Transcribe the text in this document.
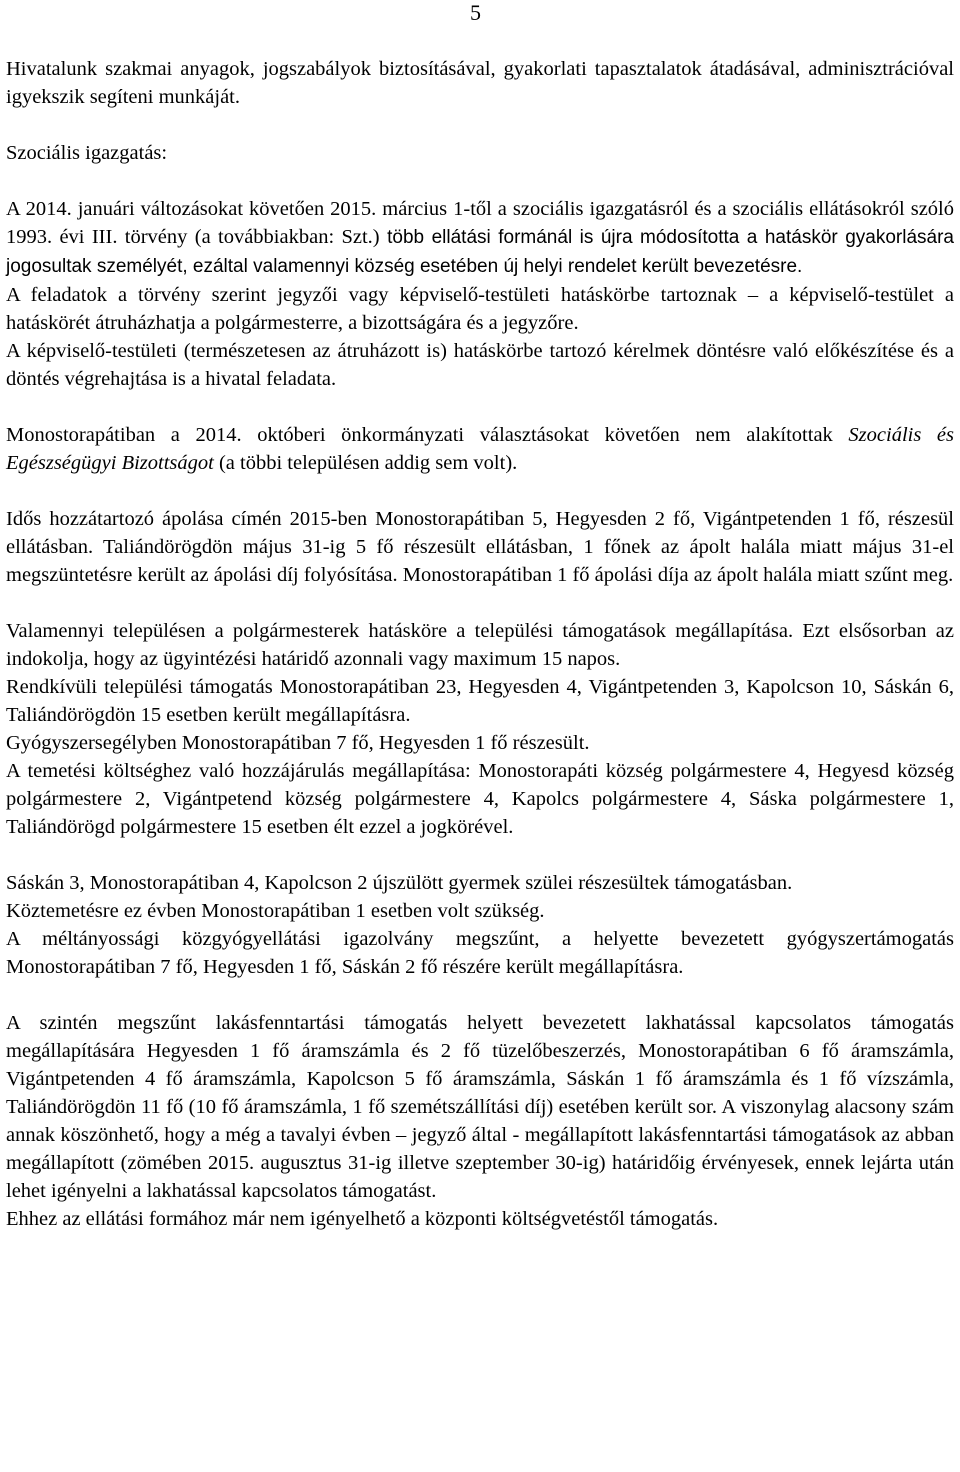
5

Hivatalunk szakmai anyagok, jogszabályok biztosításával, gyakorlati tapasztalatok átadásával, adminisztrációval igyekszik segíteni munkáját.

Szociális igazgatás:

A 2014. januári változásokat követően 2015. március 1-től a szociális igazgatásról és a szociális ellátásokról szóló 1993. évi III. törvény (a továbbiakban: Szt.) több ellátási formánál is újra módosította a hatáskör gyakorlására jogosultak személyét, ezáltal valamennyi község esetében új helyi rendelet került bevezetésre.

A feladatok a törvény szerint jegyzői vagy képviselő-testületi hatáskörbe tartoznak – a képviselő-testület a hatáskörét átruházhatja a polgármesterre, a bizottságára és a jegyzőre.

A képviselő-testületi (természetesen az átruházott is) hatáskörbe tartozó kérelmek döntésre való előkészítése és a döntés végrehajtása is a hivatal feladata.

Monostorapátiban a 2014. októberi önkormányzati választásokat követően nem alakítottak Szociális és Egészségügyi Bizottságot (a többi településen addig sem volt).

Idős hozzátartozó ápolása címén 2015-ben Monostorapátiban 5, Hegyesden 2 fő, Vigántpetenden 1 fő, részesül ellátásban. Taliándörögdön május 31-ig 5 fő részesült ellátásban, 1 főnek az ápolt halála miatt május 31-el megszüntetésre került az ápolási díj folyósítása. Monostorapátiban 1 fő ápolási díja az ápolt halála miatt szűnt meg.

Valamennyi településen a polgármesterek hatásköre a települési támogatások megállapítása. Ezt elsősorban az indokolja, hogy az ügyintézési határidő azonnali vagy maximum 15 napos.

Rendkívüli települési támogatás Monostorapátiban 23, Hegyesden 4, Vigántpetenden 3, Kapolcson 10, Sáskán 6, Taliándörögdön 15 esetben került megállapításra.

Gyógyszersegélyben Monostorapátiban 7 fő, Hegyesden 1 fő részesült.

A temetési költséghez való hozzájárulás megállapítása: Monostorapáti község polgármestere 4, Hegyesd község polgármestere 2, Vigántpetend község polgármestere 4, Kapolcs polgármestere 4, Sáska polgármestere 1, Taliándörögd polgármestere 15 esetben élt ezzel a jogkörével.

Sáskán 3, Monostorapátiban 4, Kapolcson 2 újszülött gyermek szülei részesültek támogatásban.

Köztemetésre ez évben Monostorapátiban 1 esetben volt szükség.

A méltányossági közgyógyellátási igazolvány megszűnt, a helyette bevezetett gyógyszertámogatás Monostorapátiban 7 fő, Hegyesden 1 fő, Sáskán 2 fő részére került megállapításra.

A szintén megszűnt lakásfenntartási támogatás helyett bevezetett lakhatással kapcsolatos támogatás megállapítására Hegyesden 1 fő áramszámla és 2 fő tüzelőbeszerzés, Monostorapátiban 6 fő áramszámla, Vigántpetenden 4 fő áramszámla, Kapolcson 5 fő áramszámla, Sáskán 1 fő áramszámla és 1 fő vízszámla, Taliándörögdön 11 fő (10 fő áramszámla, 1 fő szemétszállítási díj) esetében került sor. A viszonylag alacsony szám annak köszönhető, hogy a még a tavalyi évben – jegyző által - megállapított lakásfenntartási támogatások az abban megállapított (zömében 2015. augusztus 31-ig illetve szeptember 30-ig) határidőig érvényesek, ennek lejárta után lehet igényelni a lakhatással kapcsolatos támogatást.

Ehhez az ellátási formához már nem igényelhető a központi költségvetéstől támogatás.
